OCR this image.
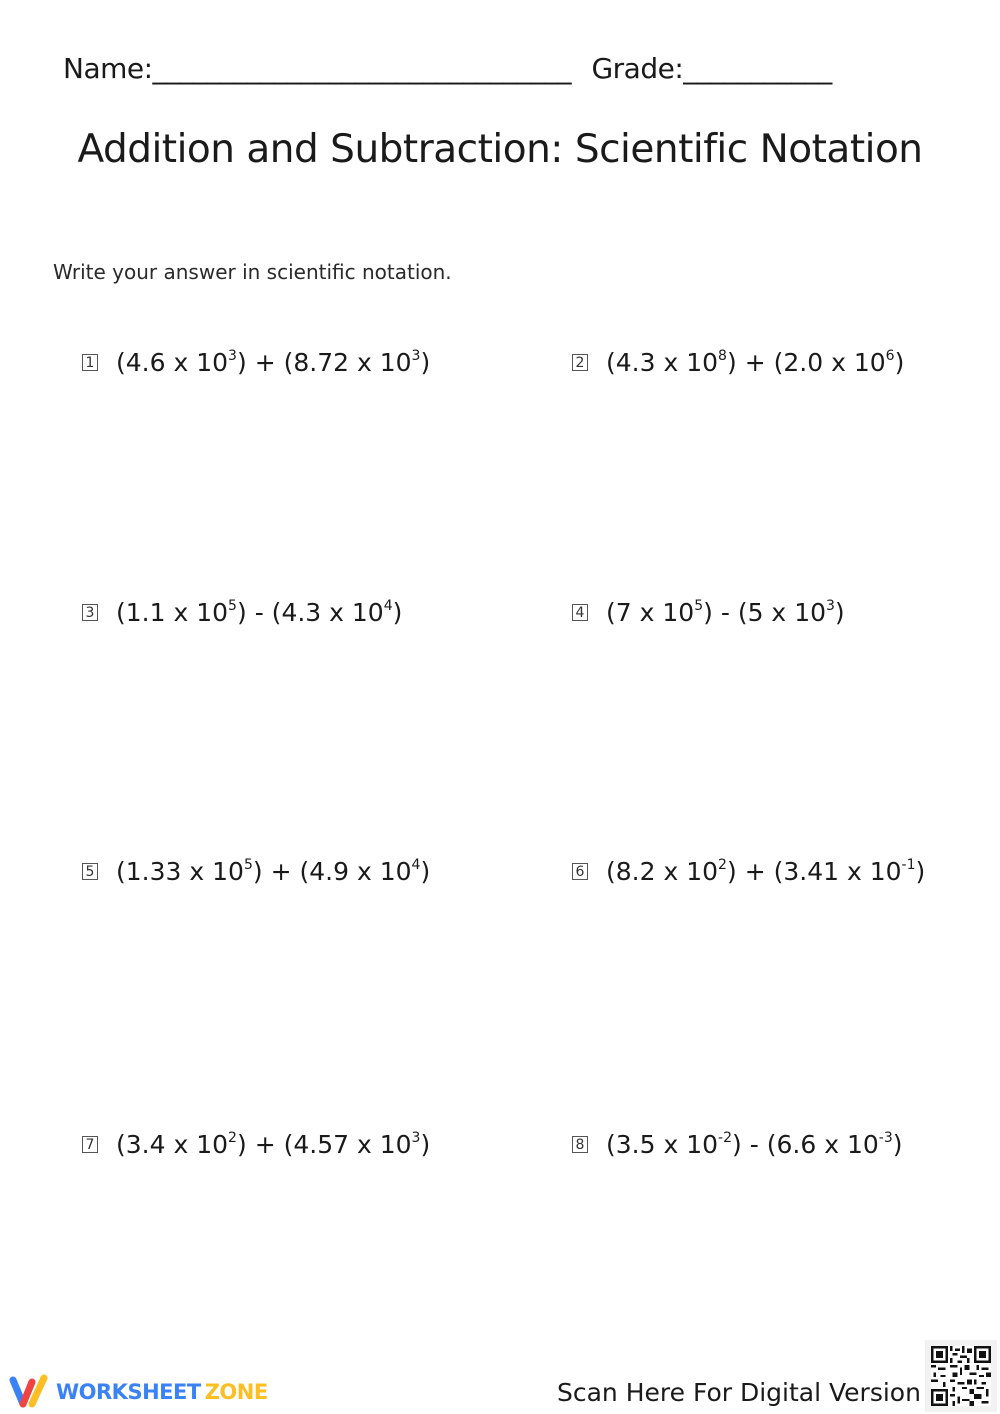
Name:_______________________________ Grade:___________
Addition and Subtraction: Scientific Notation
Write your answer in scientific notation.
1 (4.6 x $10^3) + (8.72$ x $10^3$)	2 (4.3 x $10^8) + (2.0$ x $10^6$)
3 (1.1 x $10^5) - (4.3$ x $10^4$)	4 (7 x $10^5) - (5$ x $10^3$)
5 (1.33 x $10^5) + (4.9$ x $10^4$)	6 (8.2 x $10^2) + (3.41$ x $10^{-1}$)
7 (3.4 x $10^2) + (4.57$ x $10^3$)	8 (3.5 x $10^{-2}) - (6.6$ x $10^{-3}$)
WORKSHEET ZONE	Scan Here For Digital Version
